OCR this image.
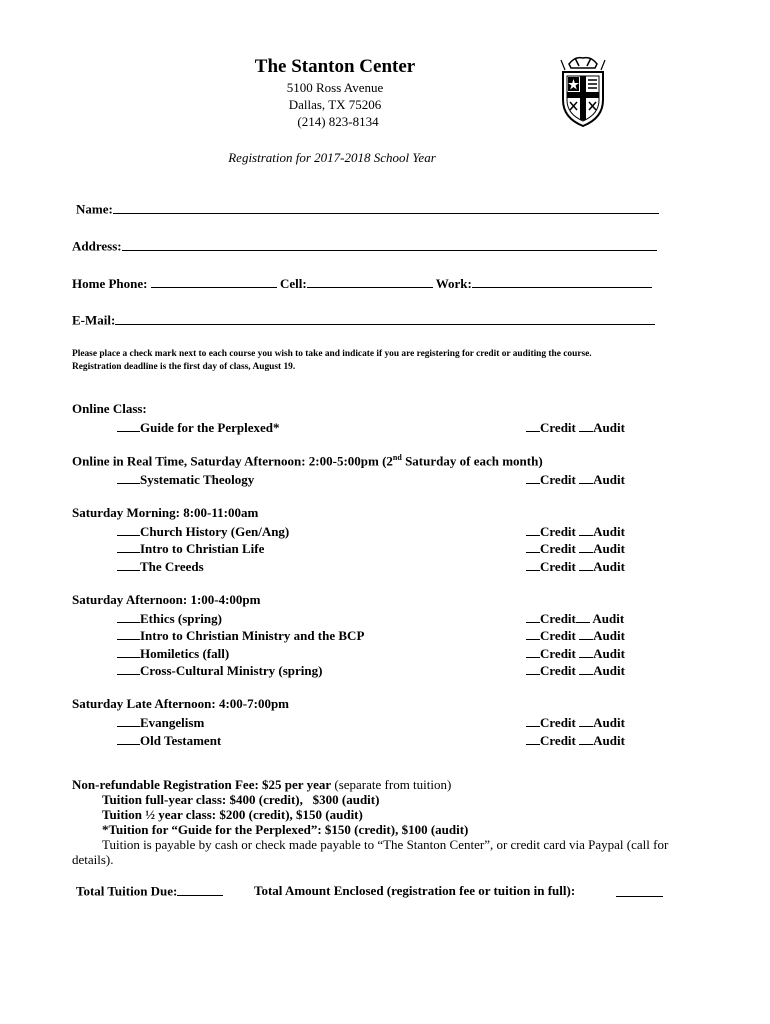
The Stanton Center
5100 Ross Avenue
Dallas, TX 75206
(214) 823-8134
Registration for 2017-2018 School Year
Name:
Address:
Home Phone:	Cell:	Work:
E-Mail:
Please place a check mark next to each course you wish to take and indicate if you are registering for credit or auditing the course.
Registration deadline is the first day of class, August 19.
Online Class:
Guide for the Perplexed*	Credit Audit
Online in Real Time, Saturday Afternoon: 2:00-5:00pm (2nd Saturday of each month)
Systematic Theology	Credit Audit
Saturday Morning: 8:00-11:00am
Church History (Gen/Ang)	Credit Audit
Intro to Christian Life	Credit Audit
The Creeds	Credit Audit
Saturday Afternoon: 1:00-4:00pm
Ethics (spring)	Credit Audit
Intro to Christian Ministry and the BCP	Credit Audit
Homiletics (fall)	Credit Audit
Cross-Cultural Ministry (spring)	Credit Audit
Saturday Late Afternoon: 4:00-7:00pm
Evangelism	Credit Audit
Old Testament	Credit Audit
Non-refundable Registration Fee: $25 per year (separate from tuition)
Tuition full-year class: $400 (credit),   $300 (audit)
Tuition ½ year class: $200 (credit), $150 (audit)
*Tuition for “Guide for the Perplexed”: $150 (credit), $100 (audit)
Tuition is payable by cash or check made payable to “The Stanton Center”, or credit card via Paypal (call for
details).
Total Tuition Due:	Total Amount Enclosed (registration fee or tuition in full):
